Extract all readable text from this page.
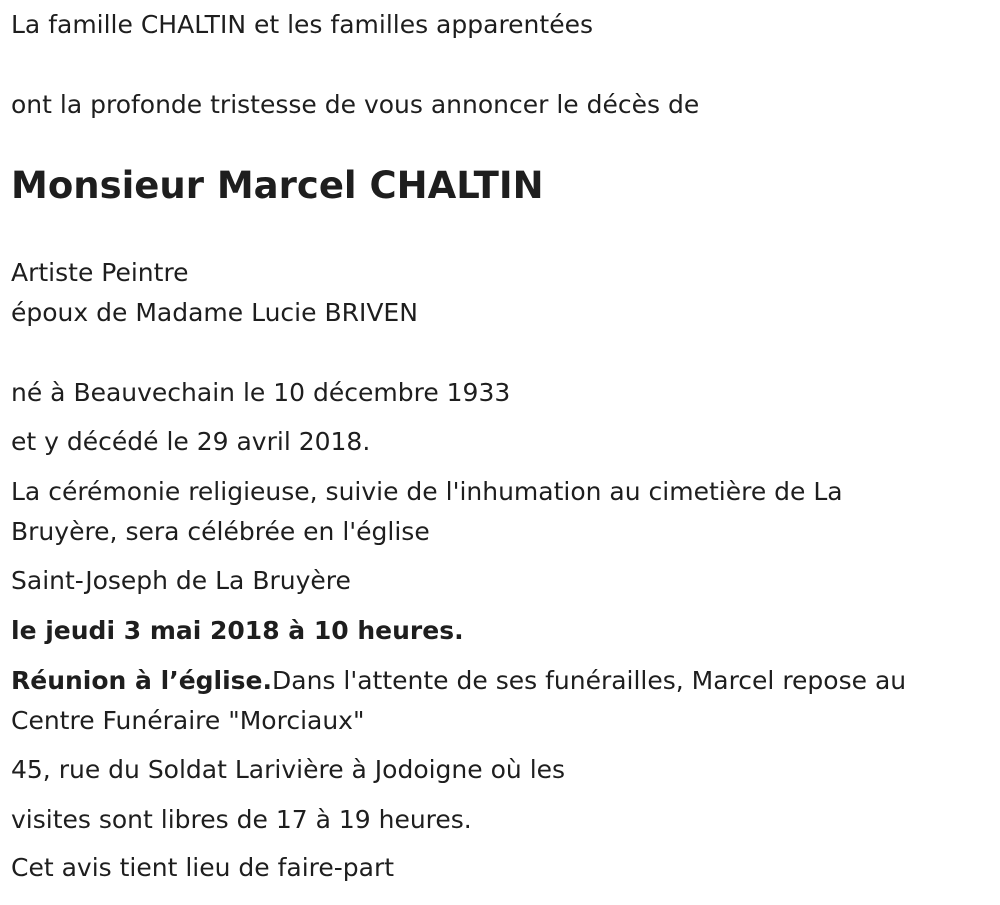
La famille CHALTIN et les familles apparentées
ont la profonde tristesse de vous annoncer le décès de
Monsieur Marcel CHALTIN
Artiste Peintre
époux de Madame Lucie BRIVEN
né à Beauvechain le 10 décembre 1933
et y décédé le 29 avril 2018.
La cérémonie religieuse, suivie de l'inhumation au cimetière de La Bruyère, sera célébrée en l'église
Saint-Joseph de La Bruyère
le jeudi 3 mai 2018 à 10 heures.
Réunion à l’église.Dans l'attente de ses funérailles, Marcel repose au Centre Funéraire "Morciaux"
45, rue du Soldat Larivière à Jodoigne où les
visites sont libres de 17 à 19 heures.
Cet avis tient lieu de faire-part
